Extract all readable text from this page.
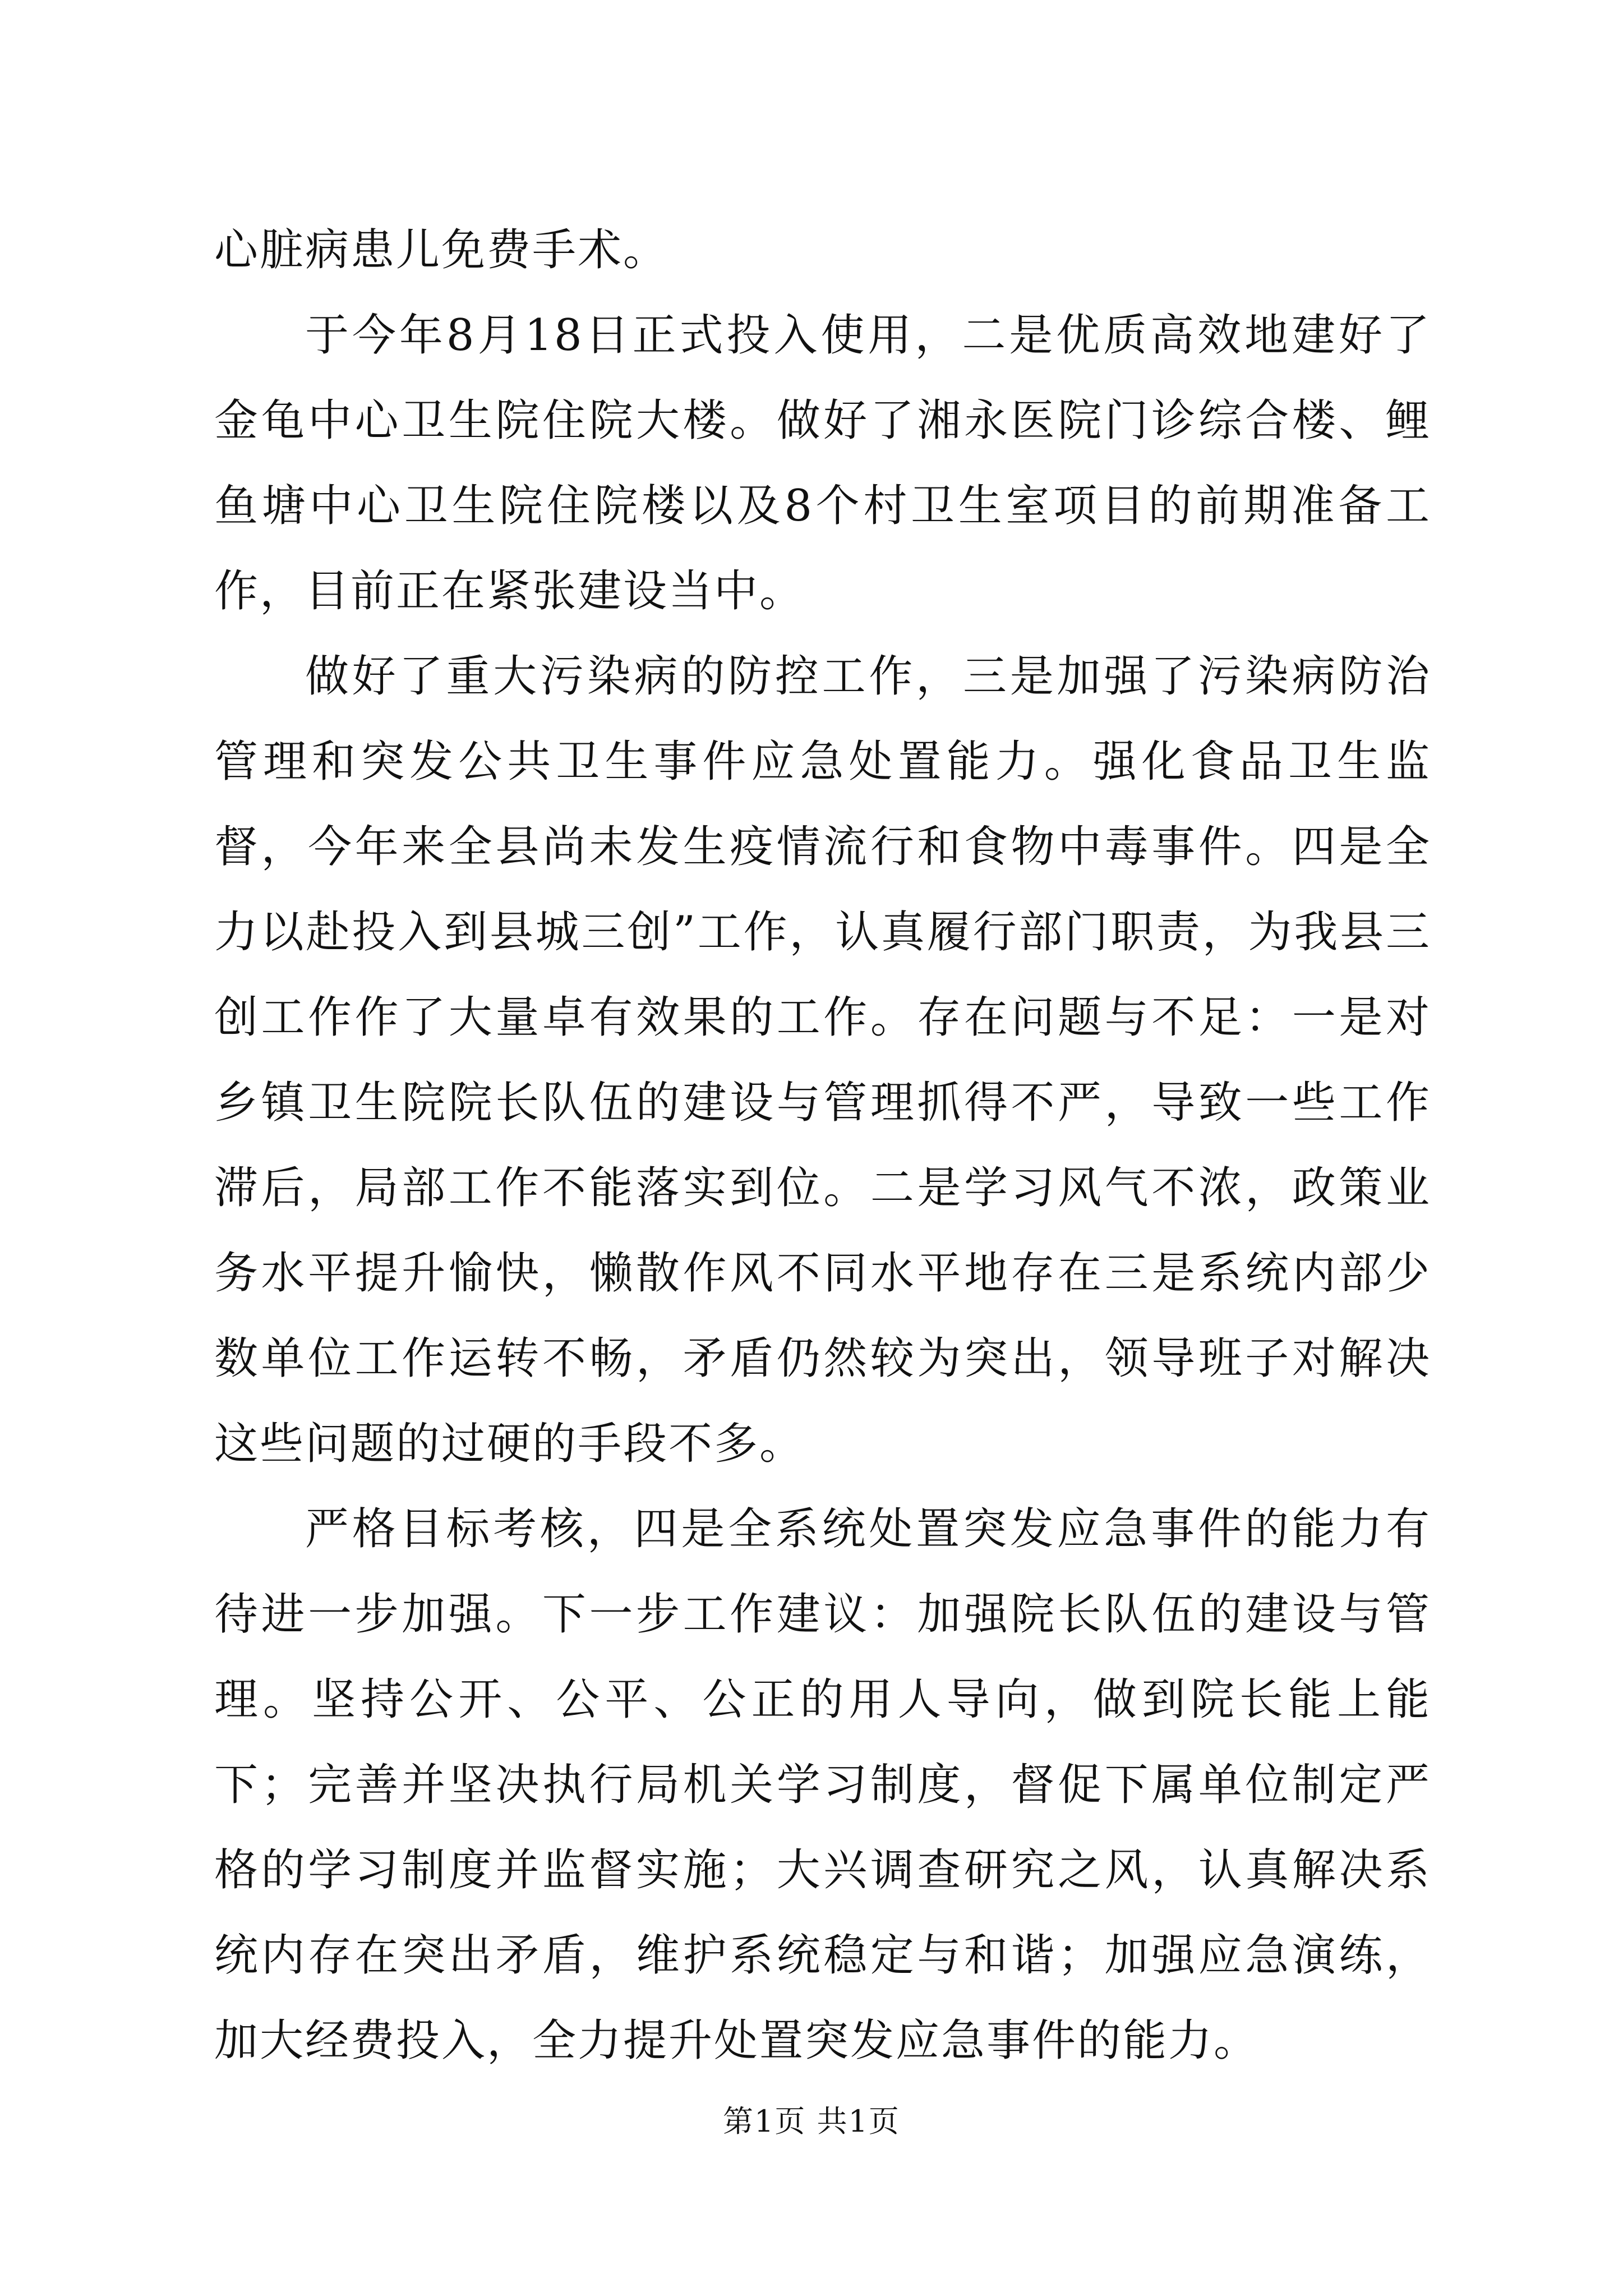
心脏病患儿免费手术。

于今年8月18日正式投入使用，二是优质高效地建好了金龟中心卫生院住院大楼。做好了湘永医院门诊综合楼、鲤鱼塘中心卫生院住院楼以及8个村卫生室项目的前期准备工作，目前正在紧张建设当中。

做好了重大污染病的防控工作，三是加强了污染病防治管理和突发公共卫生事件应急处置能力。强化食品卫生监督，今年来全县尚未发生疫情流行和食物中毒事件。四是全力以赴投入到县城三创”工作，认真履行部门职责，为我县三创工作作了大量卓有效果的工作。存在问题与不足：一是对乡镇卫生院院长队伍的建设与管理抓得不严，导致一些工作滞后，局部工作不能落实到位。二是学习风气不浓，政策业务水平提升愉快，懒散作风不同水平地存在三是系统内部少数单位工作运转不畅，矛盾仍然较为突出，领导班子对解决这些问题的过硬的手段不多。

严格目标考核，四是全系统处置突发应急事件的能力有待进一步加强。下一步工作建议：加强院长队伍的建设与管理。坚持公开、公平、公正的用人导向，做到院长能上能下；完善并坚决执行局机关学习制度，督促下属单位制定严格的学习制度并监督实施；大兴调查研究之风，认真解决系统内存在突出矛盾，维护系统稳定与和谐；加强应急演练，加大经费投入，全力提升处置突发应急事件的能力。

第1页 共1页
